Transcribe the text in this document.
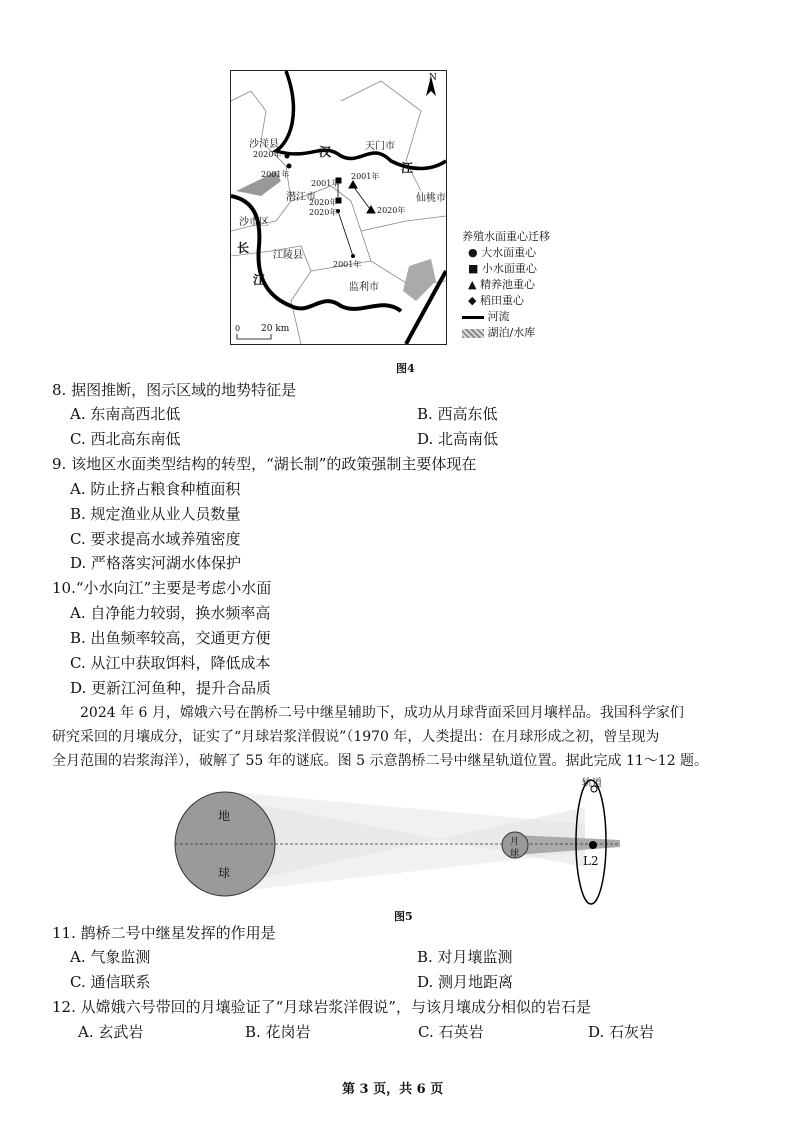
N
沙洋县
沙市区
潜江市
天门市
仙桃市
江陵县
监利市
汉
江
长
江
2020年
2001年
2001年
2020年
2020年
2001年
2020年
2001年
0 20 km
养殖水面重心迁移
● 大水面重心
■ 小水面重心
▲ 精养池重心
◆ 稻田重心
河流
湖泊/水库
图4
8. 据图推断，图示区域的地势特征是
A. 东南高西北低	B. 西高东低
C. 西北高东南低	D. 北高南低
9. 该地区水面类型结构的转型，“湖长制”的政策强制主要体现在
A. 防止挤占粮食种植面积
B. 规定渔业从业人员数量
C. 要求提高水域养殖密度
D. 严格落实河湖水体保护
10.“小水向江”主要是考虑小水面
A. 自净能力较弱，换水频率高
B. 出鱼频率较高，交通更方便
C. 从江中获取饵料，降低成本
D. 更新江河鱼种，提升合品质
2024 年 6 月，嫦娥六号在鹊桥二号中继星辅助下，成功从月球背面采回月壤样品。我国科学家们
研究采回的月壤成分，证实了“月球岩浆洋假说”（1970 年，人类提出：在月球形成之初，曾呈现为
全月范围的岩浆海洋），破解了 55 年的谜底。图 5 示意鹊桥二号中继星轨道位置。据此完成 11～12 题。
地
球
月
球
轨道
L2
图5
11. 鹊桥二号中继星发挥的作用是
A. 气象监测	B. 对月壤监测
C. 通信联系	D. 测月地距离
12. 从嫦娥六号带回的月壤验证了“月球岩浆洋假说”，与该月壤成分相似的岩石是
A. 玄武岩	B. 花岗岩	C. 石英岩	D. 石灰岩
第 3 页，共 6 页
